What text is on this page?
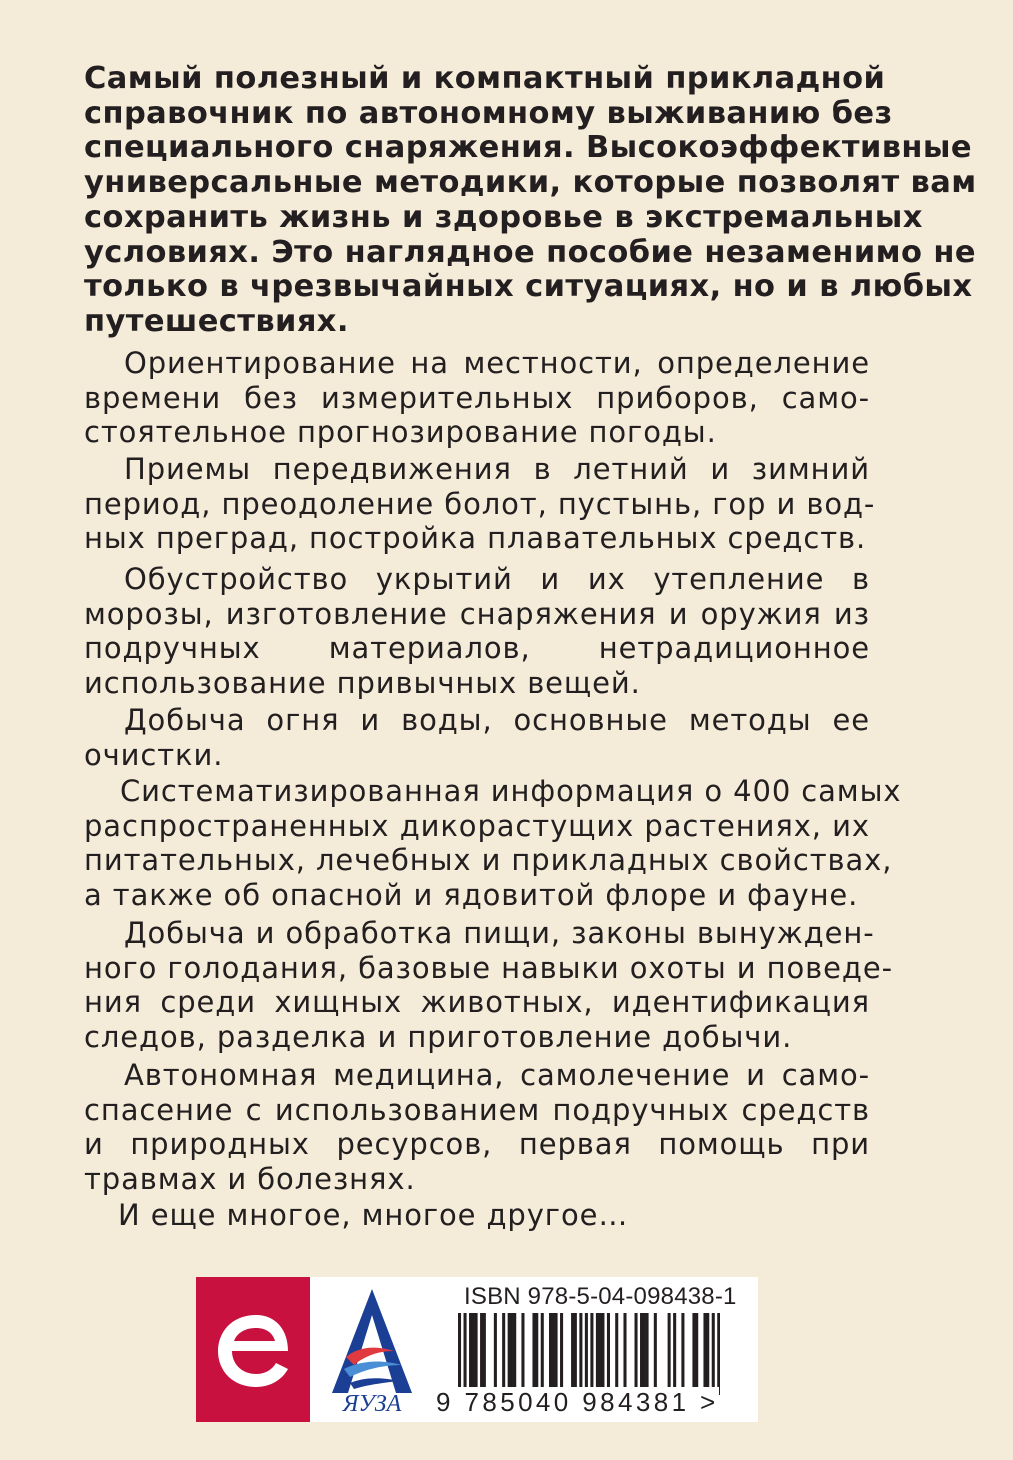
Самый полезный и компактный прикладной
справочник по автономному выживанию без
специального снаряжения. Высокоэффективные
универсальные методики, которые позволят вам
сохранить жизнь и здоровье в экстремальных
условиях. Это наглядное пособие незаменимо не
только в чрезвычайных ситуациях, но и в любых
путешествиях.
Ориентирование на местности, определение
времени без измерительных приборов, само-
стоятельное прогнозирование погоды.
Приемы передвижения в летний и зимний
период, преодоление болот, пустынь, гор и вод-
ных преград, постройка плавательных средств.
Обустройство укрытий и их утепление в
морозы, изготовление снаряжения и оружия из
подручных материалов, нетрадиционное
использование привычных вещей.
Добыча огня и воды, основные методы ее
очистки.
Систематизированная информация о 400 самых
распространенных дикорастущих растениях, их
питательных, лечебных и прикладных свойствах,
а также об опасной и ядовитой флоре и фауне.
Добыча и обработка пищи, законы вынужден-
ного голодания, базовые навыки охоты и поведе-
ния среди хищных животных, идентификация
следов, разделка и приготовление добычи.
Автономная медицина, самолечение и само-
спасение с использованием подручных средств
и природных ресурсов, первая помощь при
травмах и болезнях.
И еще многое, многое другое…
ЯУЗА
ISBN 978-5-04-098438-1
9 785040 984381 >
